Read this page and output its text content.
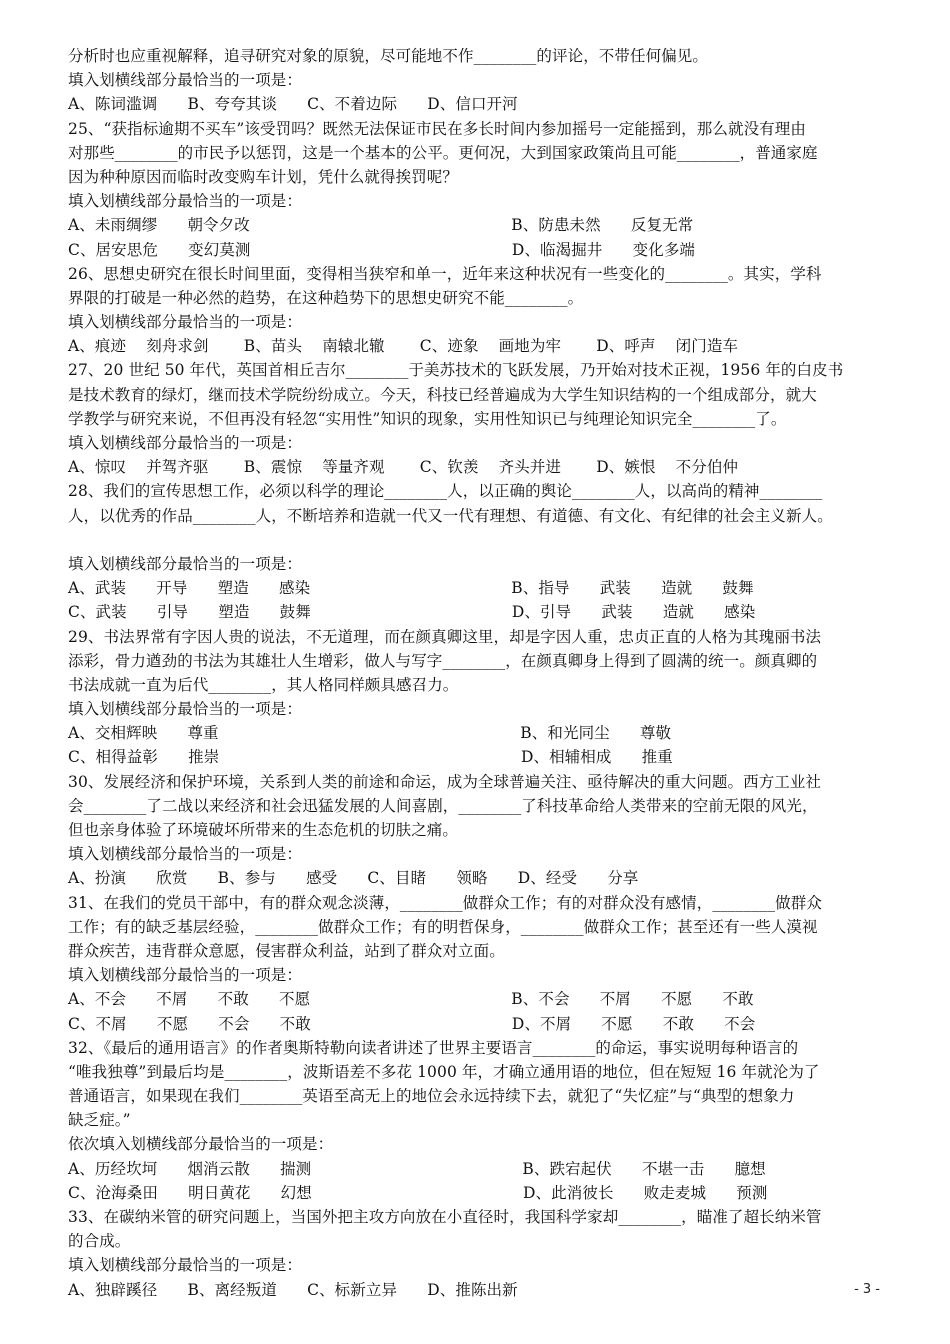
分析时也应重视解释，追寻研究对象的原貌，尽可能地不作________的评论，不带任何偏见。
填入划横线部分最恰当的一项是：
A、陈词滥调      B、夸夸其谈      C、不着边际      D、信口开河
25、“获指标逾期不买车”该受罚吗？既然无法保证市民在多长时间内参加摇号一定能摇到，那么就没有理由
对那些________的市民予以惩罚，这是一个基本的公平。更何况，大到国家政策尚且可能________，普通家庭
因为种种原因而临时改变购车计划，凭什么就得挨罚呢？
填入划横线部分最恰当的一项是：
A、未雨绸缪      朝令夕改                                                    B、防患未然      反复无常
C、居安思危      变幻莫测                                                    D、临渴掘井      变化多端
26、思想史研究在很长时间里面，变得相当狭窄和单一，近年来这种状况有一些变化的________。其实，学科
界限的打破是一种必然的趋势，在这种趋势下的思想史研究不能________。
填入划横线部分最恰当的一项是：
A、痕迹    刻舟求剑       B、苗头    南辕北辙       C、迹象    画地为牢       D、呼声    闭门造车
27、20 世纪 50 年代，英国首相丘吉尔________于美苏技术的飞跃发展，乃开始对技术正视，1956 年的白皮书
是技术教育的绿灯，继而技术学院纷纷成立。今天，科技已经普遍成为大学生知识结构的一个组成部分，就大
学教学与研究来说，不但再没有轻忽“实用性”知识的现象，实用性知识已与纯理论知识完全________了。
填入划横线部分最恰当的一项是：
A、惊叹    并驾齐驱       B、震惊    等量齐观       C、钦羡    齐头并进       D、嫉恨    不分伯仲
28、我们的宣传思想工作，必须以科学的理论________人，以正确的舆论________人，以高尚的精神________
人，以优秀的作品________人，不断培养和造就一代又一代有理想、有道德、有文化、有纪律的社会主义新人。
填入划横线部分最恰当的一项是：
A、武装      开导      塑造      感染                                        B、指导      武装      造就      鼓舞
C、武装      引导      塑造      鼓舞                                        D、引导      武装      造就      感染
29、书法界常有字因人贵的说法，不无道理，而在颜真卿这里，却是字因人重，忠贞正直的人格为其瑰丽书法
添彩，骨力遒劲的书法为其雄壮人生增彩，做人与写字________，在颜真卿身上得到了圆满的统一。颜真卿的
书法成就一直为后代________，其人格同样颇具感召力。
填入划横线部分最恰当的一项是：
A、交相辉映      尊重                                                            B、和光同尘      尊敬
C、相得益彰      推崇                                                            D、相辅相成      推重
30、发展经济和保护环境，关系到人类的前途和命运，成为全球普遍关注、亟待解决的重大问题。西方工业社
会________了二战以来经济和社会迅猛发展的人间喜剧，________了科技革命给人类带来的空前无限的风光，
但也亲身体验了环境破坏所带来的生态危机的切肤之痛。
填入划横线部分最恰当的一项是：
A、扮演      欣赏      B、参与      感受      C、目睹      领略      D、经受      分享
31、在我们的党员干部中，有的群众观念淡薄，________做群众工作；有的对群众没有感情，________做群众
工作；有的缺乏基层经验，________做群众工作；有的明哲保身，________做群众工作；甚至还有一些人漠视
群众疾苦，违背群众意愿，侵害群众利益，站到了群众对立面。
填入划横线部分最恰当的一项是：
A、不会      不屑      不敢      不愿                                        B、不会      不屑      不愿      不敢
C、不屑      不愿      不会      不敢                                        D、不屑      不愿      不敢      不会
32、《最后的通用语言》的作者奥斯特勒向读者讲述了世界主要语言________的命运，事实说明每种语言的
“唯我独尊”到最后均是________，波斯语差不多花 1000 年，才确立通用语的地位，但在短短 16 年就沦为了
普通语言，如果现在我们________英语至高无上的地位会永远持续下去，就犯了“失忆症”与“典型的想象力
缺乏症。”
依次填入划横线部分最恰当的一项是：
A、历经坎坷      烟消云散      揣测                                          B、跌宕起伏      不堪一击      臆想
C、沧海桑田      明日黄花      幻想                                          D、此消彼长      败走麦城      预测
33、在碳纳米管的研究问题上，当国外把主攻方向放在小直径时，我国科学家却________，瞄准了超长纳米管
的合成。
填入划横线部分最恰当的一项是：
A、独辟蹊径      B、离经叛道      C、标新立异      D、推陈出新	- 3 -
